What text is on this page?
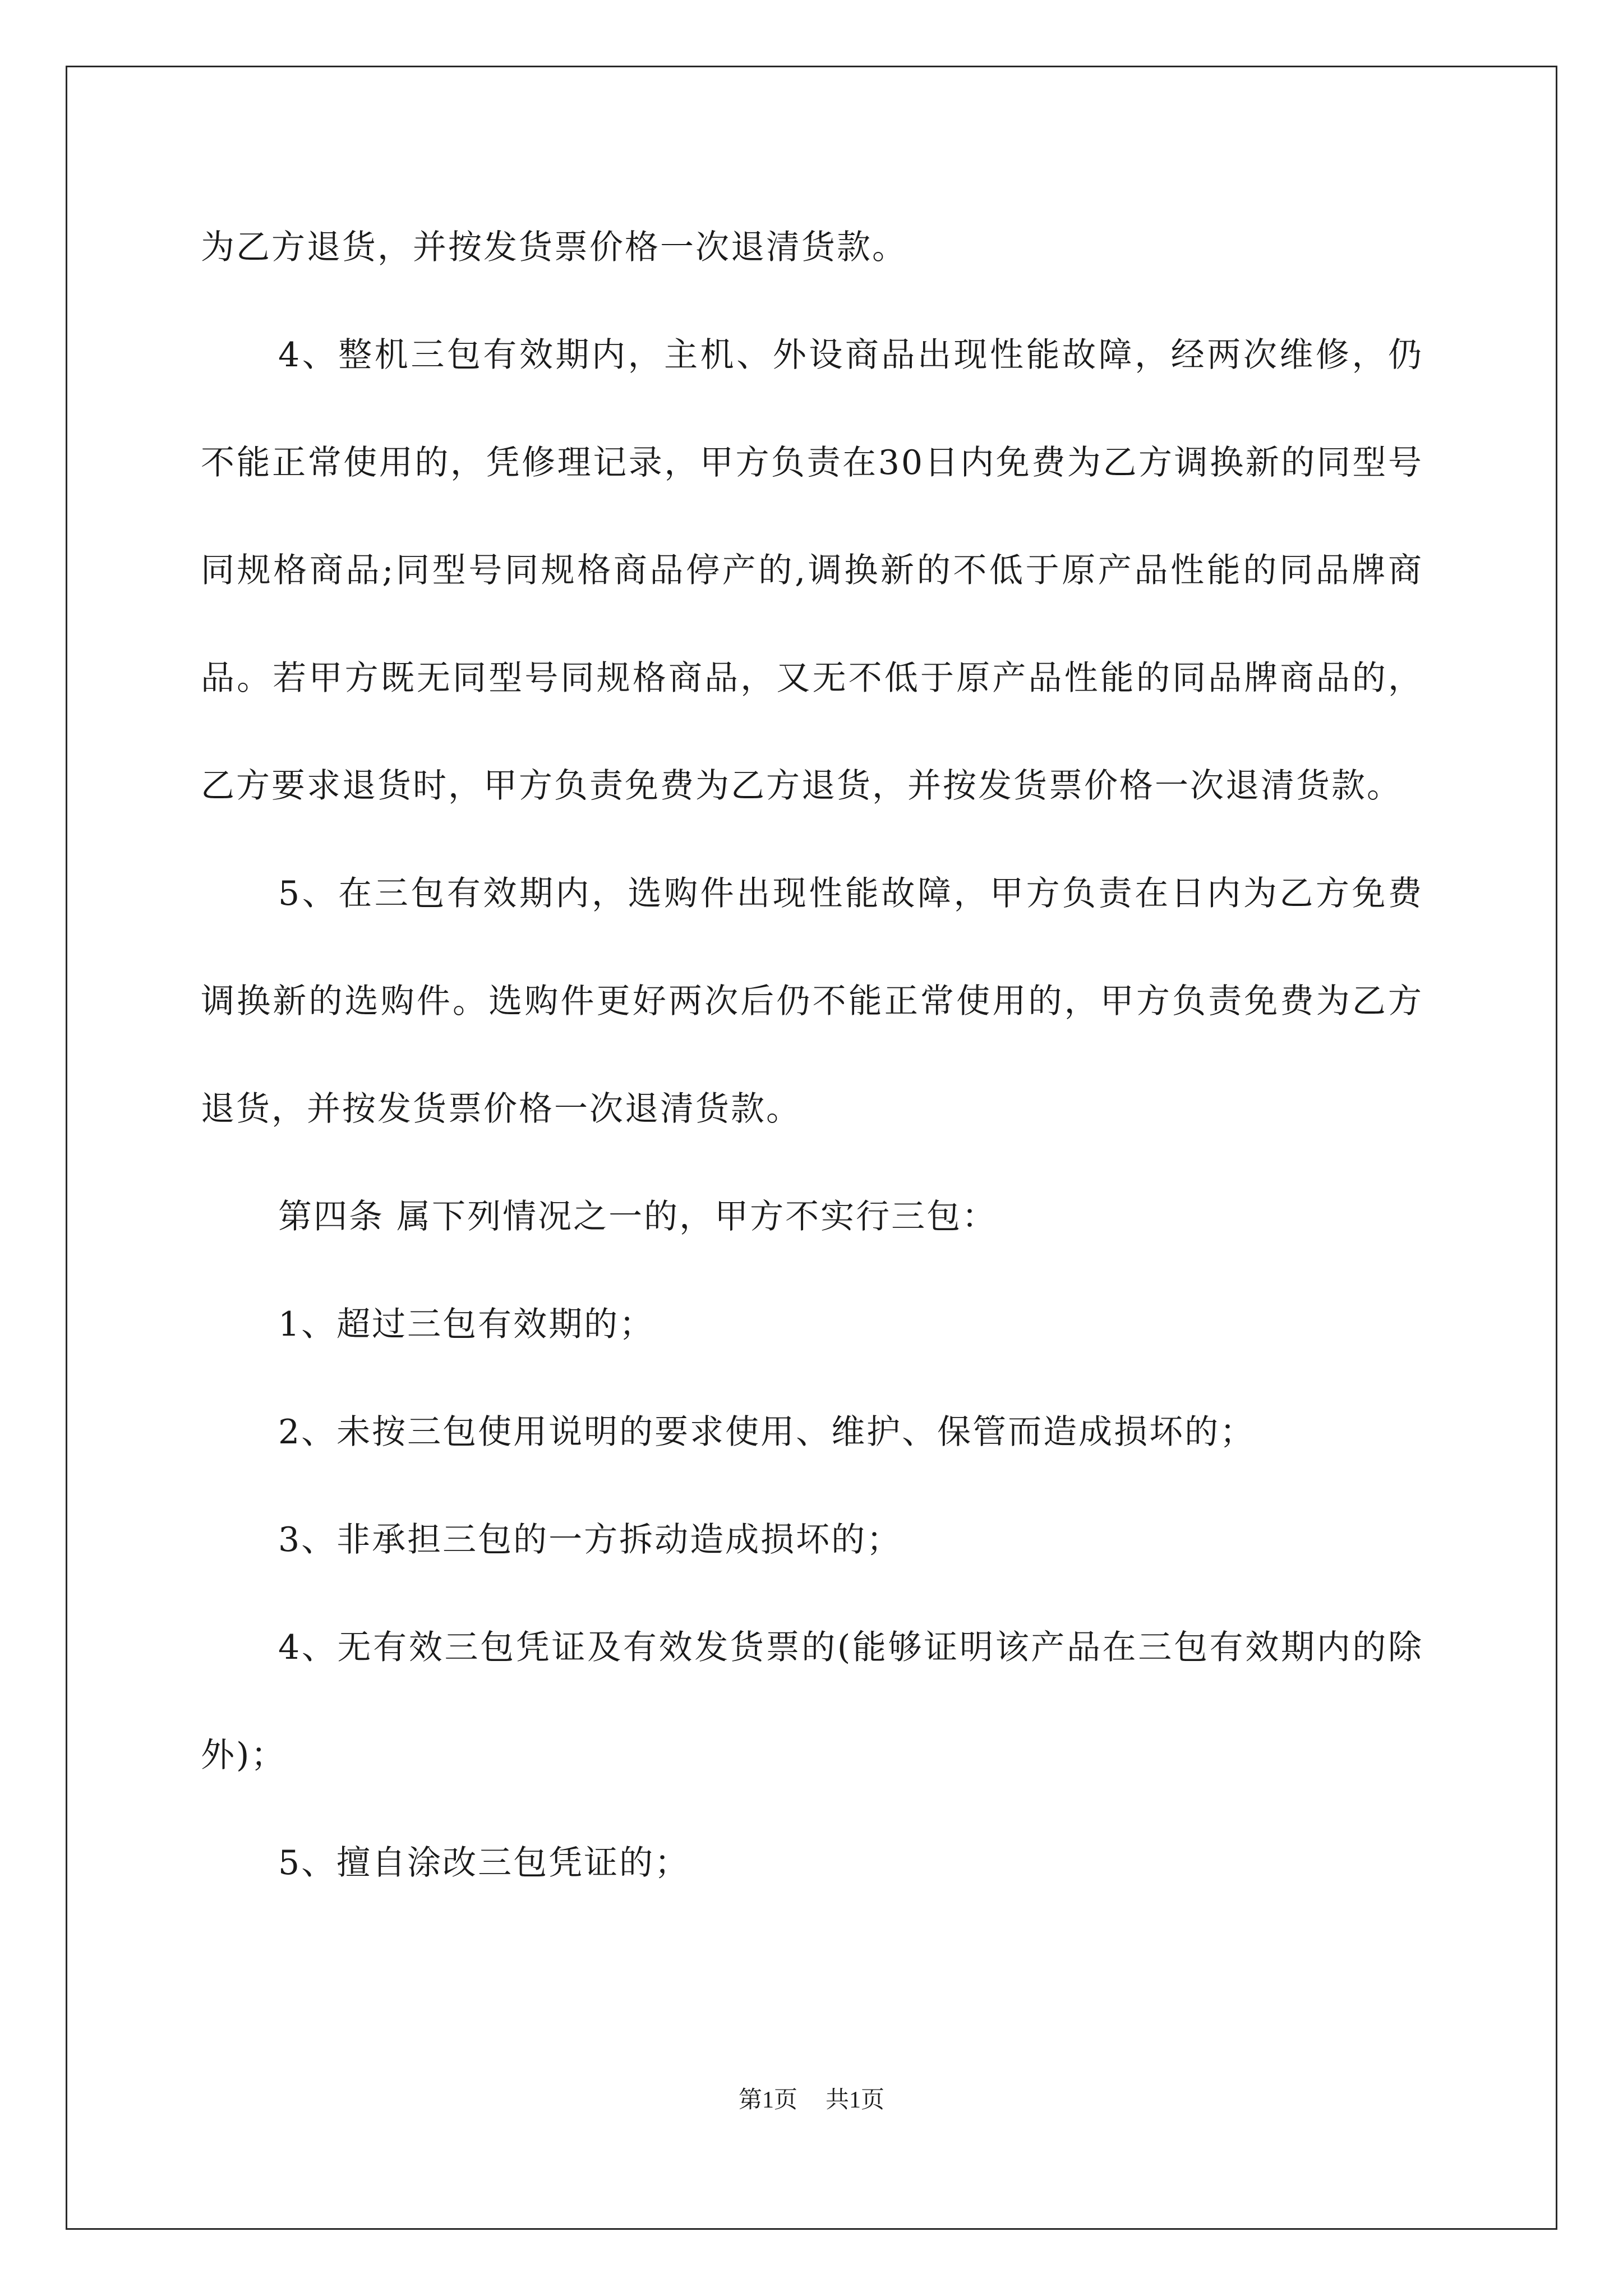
为乙方退货，并按发货票价格一次退清货款。

4、整机三包有效期内，主机、外设商品出现性能故障，经两次维修，仍不能正常使用的，凭修理记录，甲方负责在30日内免费为乙方调换新的同型号同规格商品;同型号同规格商品停产的,调换新的不低于原产品性能的同品牌商品。若甲方既无同型号同规格商品，又无不低于原产品性能的同品牌商品的，乙方要求退货时，甲方负责免费为乙方退货，并按发货票价格一次退清货款。

5、在三包有效期内，选购件出现性能故障，甲方负责在日内为乙方免费调换新的选购件。选购件更好两次后仍不能正常使用的，甲方负责免费为乙方退货，并按发货票价格一次退清货款。

第四条 属下列情况之一的，甲方不实行三包：

1、超过三包有效期的；

2、未按三包使用说明的要求使用、维护、保管而造成损坏的；

3、非承担三包的一方拆动造成损坏的；

4、无有效三包凭证及有效发货票的(能够证明该产品在三包有效期内的除外)；

5、擅自涂改三包凭证的；

第1页 共1页
